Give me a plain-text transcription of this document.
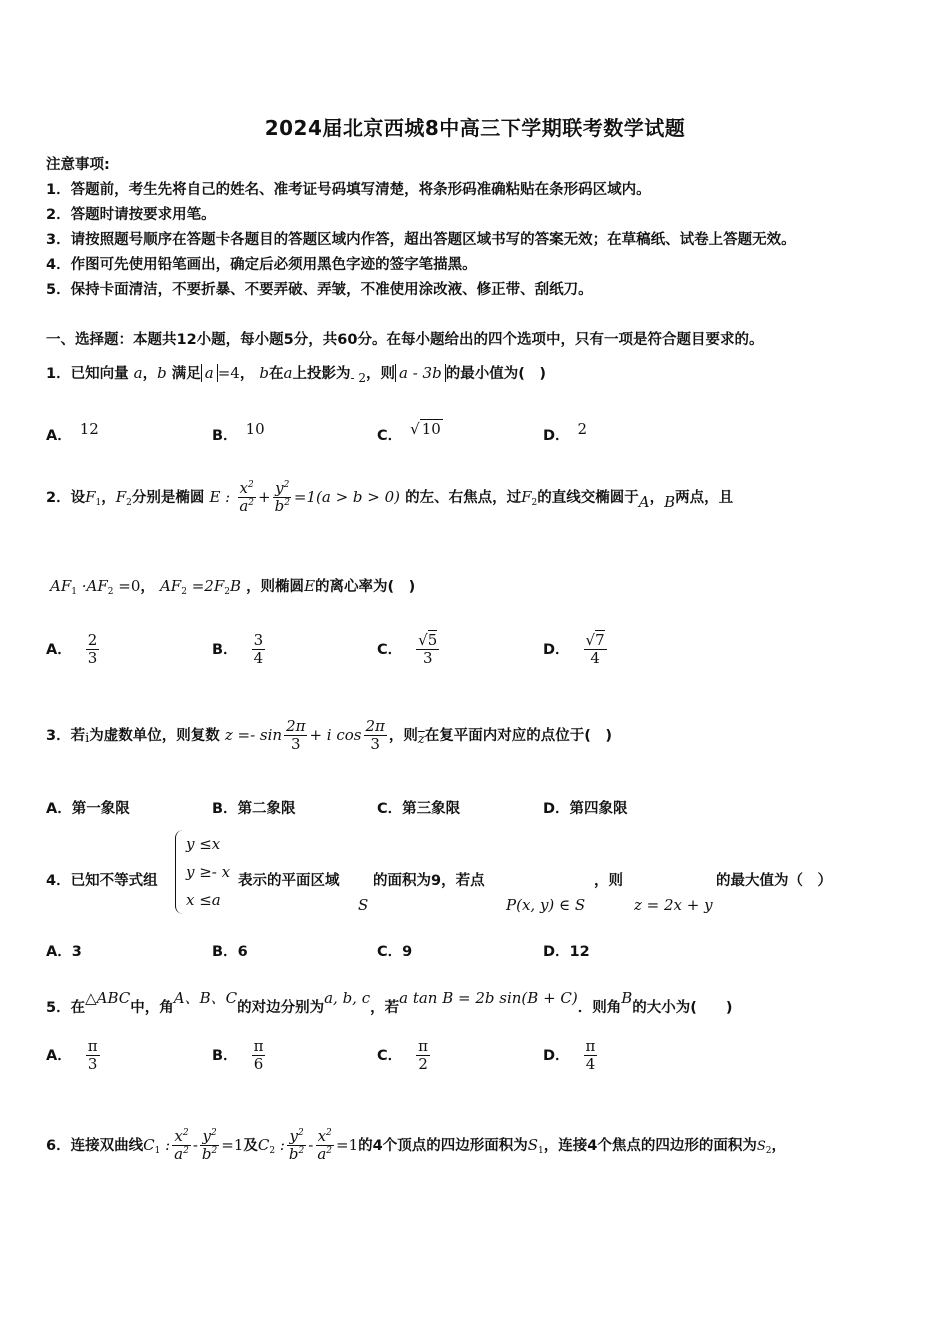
2024届北京西城8中高三下学期联考数学试题
注意事项:
1．答题前，考生先将自己的姓名、准考证号码填写清楚，将条形码准确粘贴在条形码区域内。
2．答题时请按要求用笔。
3．请按照题号顺序在答题卡各题目的答题区域内作答，超出答题区域书写的答案无效；在草稿纸、试卷上答题无效。
4．作图可先使用铅笔画出，确定后必须用黑色字迹的签字笔描黑。
5．保持卡面清洁，不要折暴、不要弄破、弄皱，不准使用涂改液、修正带、刮纸刀。
一、选择题：本题共12小题，每小题5分，共60分。在每小题给出的四个选项中，只有一项是符合题目要求的。
1．已知向量 a，b 满足 a =4， b在a上投影为$_{- 2}$，则 a - 3b 的最小值为(　)
A． 12	B． 10	C． √ 10	D． 2
2．设$F_1$，$F_2$分别是椭圆 E : $\frac{x^2}{a^2} + \frac{y^2}{b^2} =1(a > b > 0)$ 的左、右焦点，过$F_2$的直线交椭圆于A，B两点，且
$AF_1 \cdot AF_2 =0$， $AF_2 =2F_2B$ ，则椭圆E的离心率为(　)
A． $\frac{2}{3}$	B． $\frac{3}{4}$	C． $\frac{√5}{3}$	D． $\frac{√7}{4}$
3．若i为虚数单位，则复数 $z =- \sin \frac{2\pi}{3} + i$ $\cos \frac{2\pi}{3}$ ，则$\overline{z}$在复平面内对应的点位于(　)
A．第一象限	B．第二象限	C．第三象限	D．第四象限
4．已知不等式组
y ≤x
y ≥- x
x ≤a
表示的平面区域
S
的面积为9，若点
P(x, y) ∈ S
，则
z = 2x + y
的最大值为（　）
A．3	B．6	C．9	D．12
5．在△ABC中，角A、B、C的对边分别为a, b, c，若a tan B = 2b sin(B + C)．则角B的大小为(　　)
A． $\frac{\pi}{3}$	B． $\frac{\pi}{6}$	C． $\frac{\pi}{2}$	D． $\frac{\pi}{4}$
6．连接双曲线$C_1$ : $\frac{x^2}{a^2} - \frac{y^2}{b^2} =1$及$C_2$ : $\frac{y^2}{b^2} - \frac{x^2}{a^2} =1$的4个顶点的四边形面积为$S_1$，连接4个焦点的四边形的面积为$S_2$，
